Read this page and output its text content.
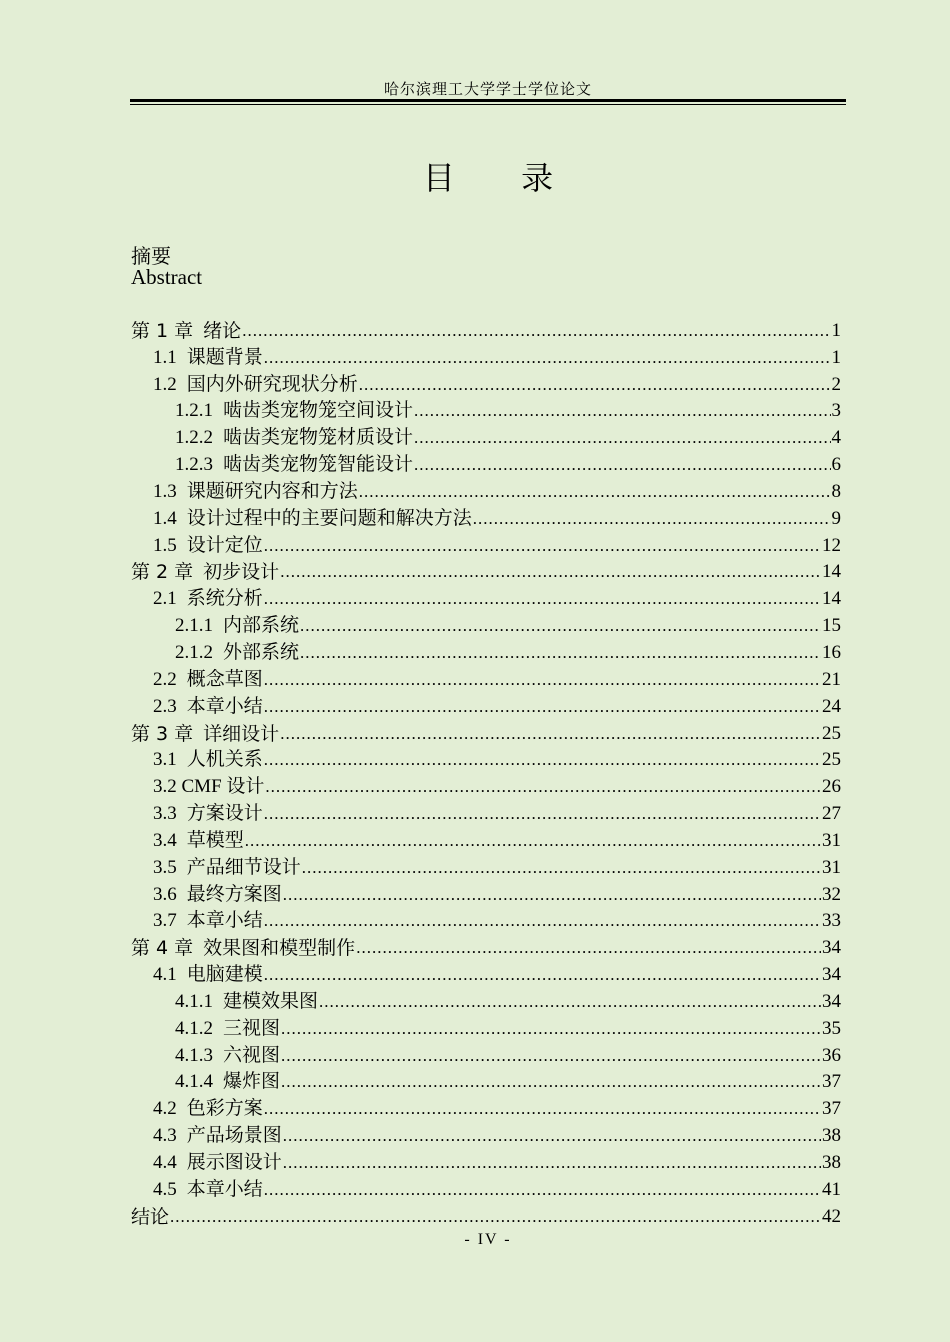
哈尔滨理工大学学士学位论文
目 录
摘要
Abstract
第 1 章 绪论 .....	1
1.1 课题背景 .....	1
1.2 国内外研究现状分析 .....	2
1.2.1 啮齿类宠物笼空间设计 .....	3
1.2.2 啮齿类宠物笼材质设计 .....	4
1.2.3 啮齿类宠物笼智能设计 .....	6
1.3 课题研究内容和方法 .....	8
1.4 设计过程中的主要问题和解决方法 .....	9
1.5 设计定位 .....	12
第 2 章 初步设计 .....	14
2.1 系统分析 .....	14
2.1.1 内部系统 .....	15
2.1.2 外部系统 .....	16
2.2 概念草图 .....	21
2.3 本章小结 .....	24
第 3 章 详细设计 .....	25
3.1 人机关系 .....	25
3.2 CMF 设计 .....	26
3.3 方案设计 .....	27
3.4 草模型 .....	31
3.5 产品细节设计 .....	31
3.6 最终方案图 .....	32
3.7 本章小结 .....	33
第 4 章 效果图和模型制作 .....	34
4.1 电脑建模 .....	34
4.1.1 建模效果图 .....	34
4.1.2 三视图 .....	35
4.1.3 六视图 .....	36
4.1.4 爆炸图 .....	37
4.2 色彩方案 .....	37
4.3 产品场景图 .....	38
4.4 展示图设计 .....	38
4.5 本章小结 .....	41
结论 .....	42
- IV -
